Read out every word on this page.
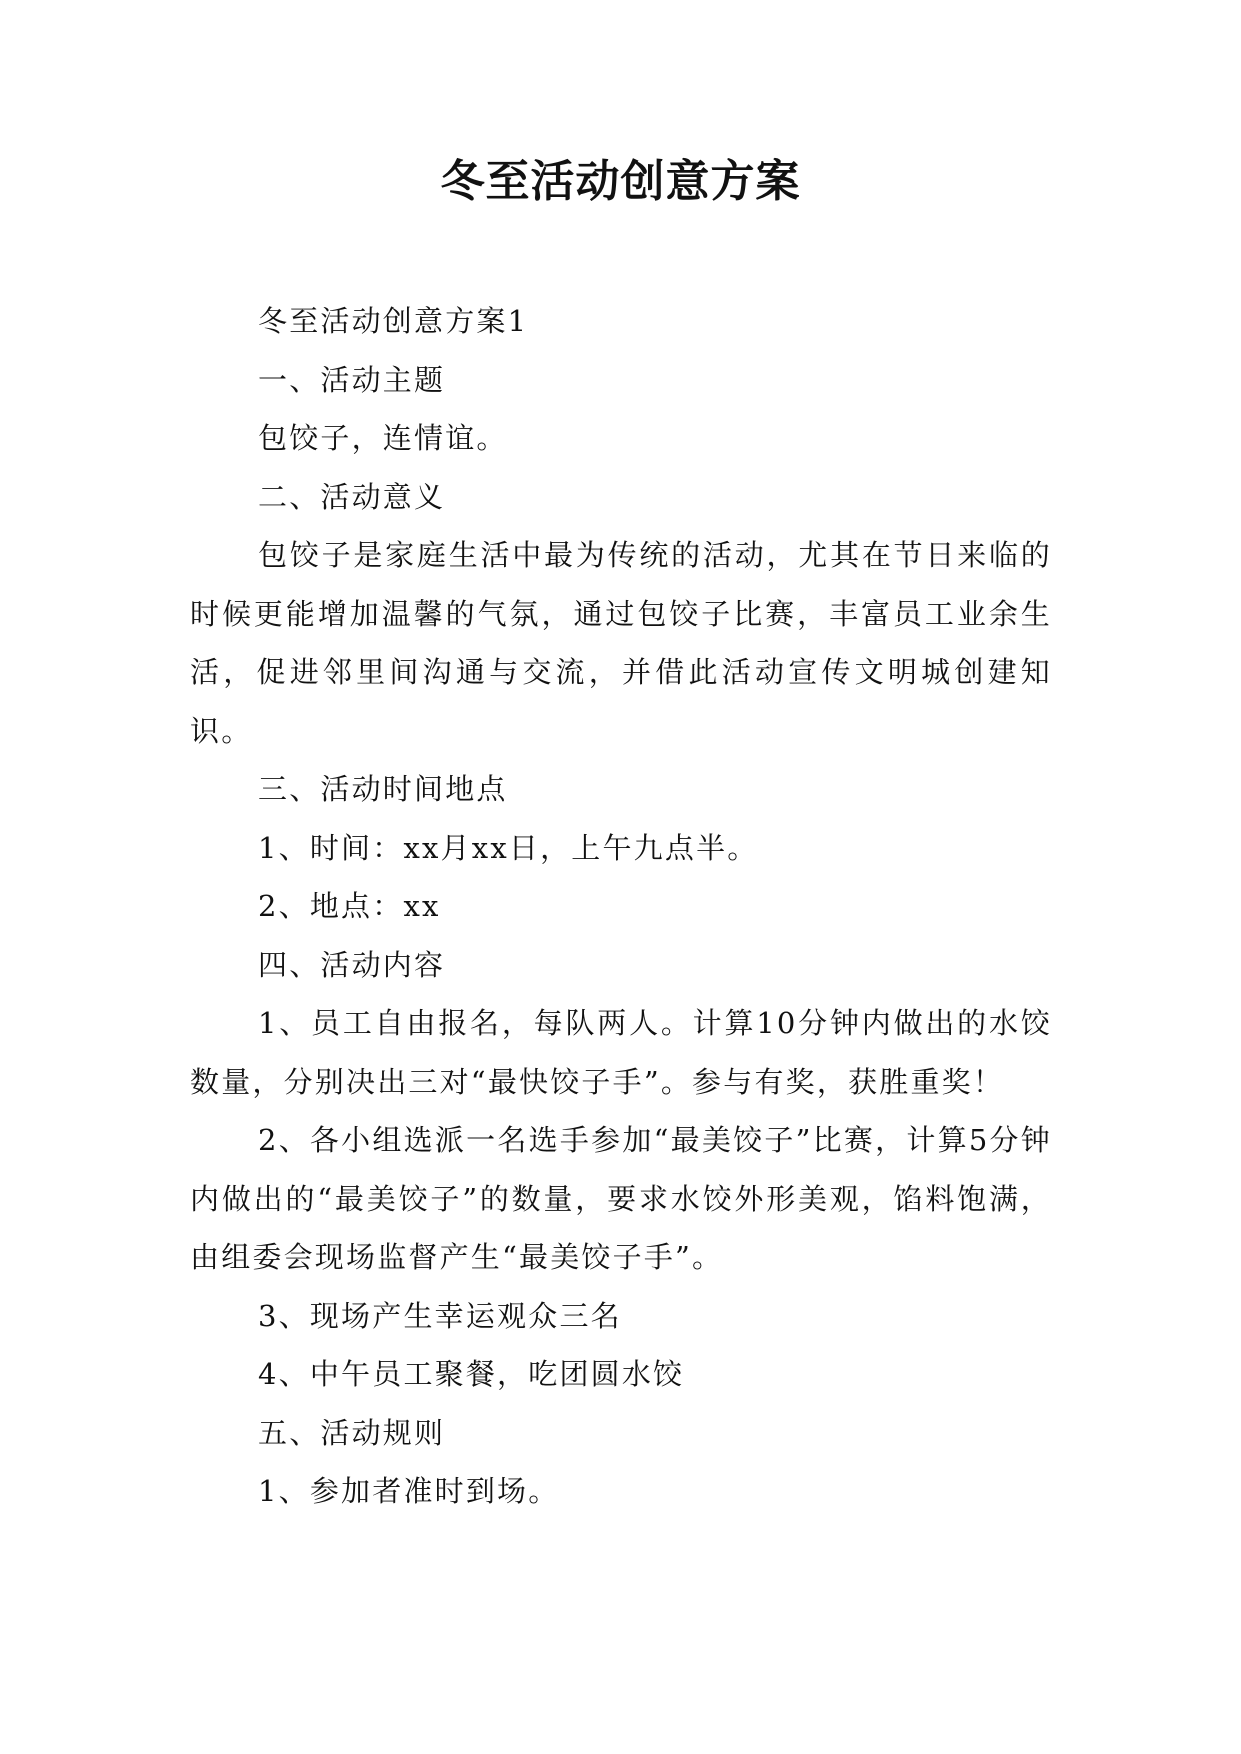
冬至活动创意方案

冬至活动创意方案1

一、活动主题

包饺子，连情谊。

二、活动意义

包饺子是家庭生活中最为传统的活动，尤其在节日来临的时候更能增加温馨的气氛，通过包饺子比赛，丰富员工业余生活，促进邻里间沟通与交流，并借此活动宣传文明城创建知识。

三、活动时间地点

1、时间：xx月xx日，上午九点半。

2、地点：xx

四、活动内容

1、员工自由报名，每队两人。计算10分钟内做出的水饺数量，分别决出三对“最快饺子手”。参与有奖，获胜重奖！

2、各小组选派一名选手参加“最美饺子”比赛，计算5分钟内做出的“最美饺子”的数量，要求水饺外形美观，馅料饱满，由组委会现场监督产生“最美饺子手”。

3、现场产生幸运观众三名

4、中午员工聚餐，吃团圆水饺

五、活动规则

1、参加者准时到场。
